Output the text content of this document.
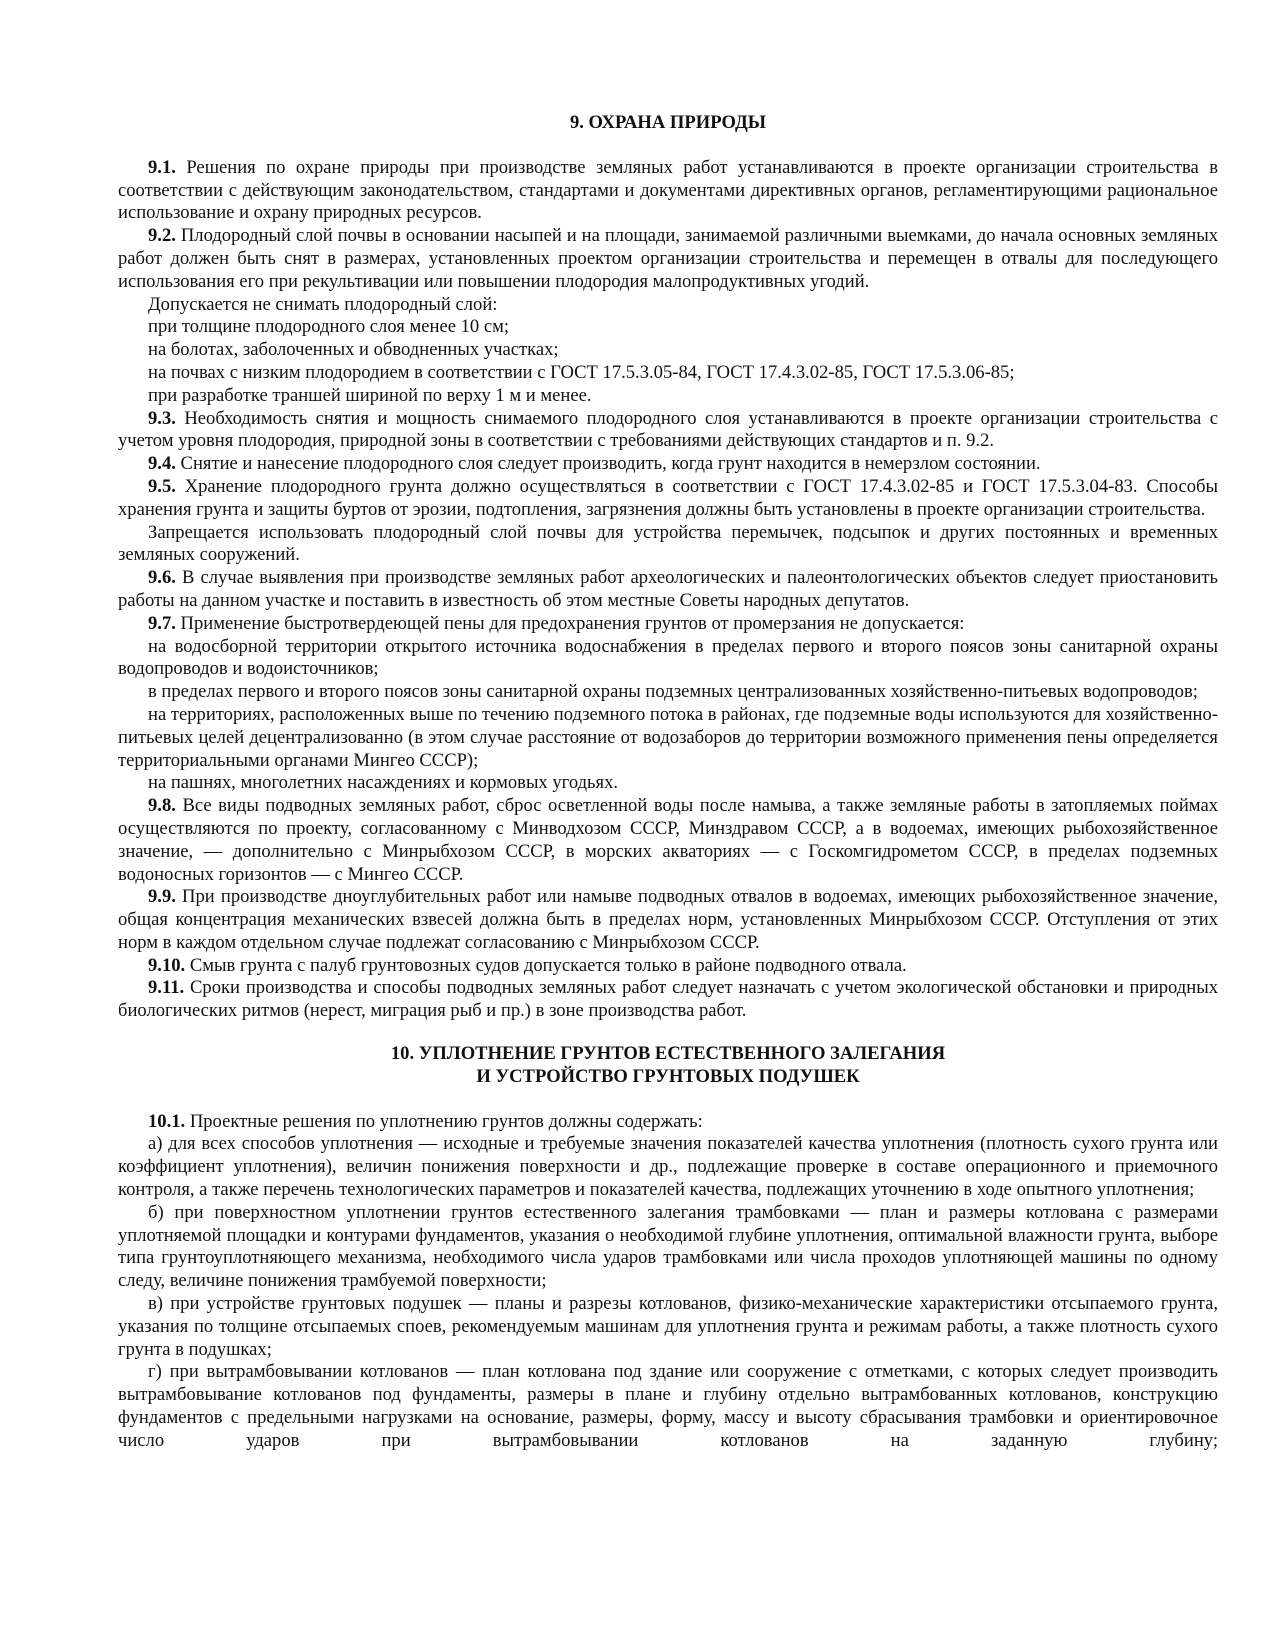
9. ОХРАНА ПРИРОДЫ

9.1. Решения по охране природы при производстве земляных работ устанавливаются в проекте организации строительства в соответствии с действующим законодательством, стандартами и документами директивных органов, регламентирующими рациональное использование и охрану природных ресурсов.

9.2. Плодородный слой почвы в основании насыпей и на площади, занимаемой различными выемками, до начала основных земляных работ должен быть снят в размерах, установленных проектом организации строительства и перемещен в отвалы для последующего использования его при рекультивации или повышении плодородия малопродуктивных угодий.

Допускается не снимать плодородный слой:

при толщине плодородного слоя менее 10 см;

на болотах, заболоченных и обводненных участках;

на почвах с низким плодородием в соответствии с ГОСТ 17.5.3.05-84, ГОСТ 17.4.3.02-85, ГОСТ 17.5.3.06-85;

при разработке траншей шириной по верху 1 м и менее.

9.3. Необходимость снятия и мощность снимаемого плодородного слоя устанавливаются в проекте организации строительства с учетом уровня плодородия, природной зоны в соответствии с требованиями действующих стандартов и п. 9.2.

9.4. Снятие и нанесение плодородного слоя следует производить, когда грунт находится в немерзлом состоянии.

9.5. Хранение плодородного грунта должно осуществляться в соответствии с ГОСТ 17.4.3.02-85 и ГОСТ 17.5.3.04-83. Способы хранения грунта и защиты буртов от эрозии, подтопления, загрязнения должны быть установлены в проекте организации строительства.

Запрещается использовать плодородный слой почвы для устройства перемычек, подсыпок и других постоянных и временных земляных сооружений.

9.6. В случае выявления при производстве земляных работ археологических и палеонтологических объектов следует приостановить работы на данном участке и поставить в известность об этом местные Советы народных депутатов.

9.7. Применение быстротвердеющей пены для предохранения грунтов от промерзания не допускается:

на водосборной территории открытого источника водоснабжения в пределах первого и второго поясов зоны санитарной охраны водопроводов и водоисточников;

в пределах первого и второго поясов зоны санитарной охраны подземных централизованных хозяйственно-питьевых водопроводов;

на территориях, расположенных выше по течению подземного потока в районах, где подземные воды используются для хозяйственно-питьевых целей децентрализованно (в этом случае расстояние от водозаборов до территории возможного применения пены определяется территориальными органами Мингео СССР);

на пашнях, многолетних насаждениях и кормовых угодьях.

9.8. Все виды подводных земляных работ, сброс осветленной воды после намыва, а также земляные работы в затопляемых поймах осуществляются по проекту, согласованному с Минводхозом СССР, Минздравом СССР, а в водоемах, имеющих рыбохозяйственное значение, — дополнительно с Минрыбхозом СССР, в морских акваториях — с Госкомгидрометом СССР, в пределах подземных водоносных горизонтов — с Мингео СССР.

9.9. При производстве дноуглубительных работ или намыве подводных отвалов в водоемах, имеющих рыбохозяйственное значение, общая концентрация механических взвесей должна быть в пределах норм, установленных Минрыбхозом СССР. Отступления от этих норм в каждом отдельном случае подлежат согласованию с Минрыбхозом СССР.

9.10. Смыв грунта с палуб грунтовозных судов допускается только в районе подводного отвала.

9.11. Сроки производства и способы подводных земляных работ следует назначать с учетом экологической обстановки и природных биологических ритмов (нерест, миграция рыб и пр.) в зоне производства работ.

10. УПЛОТНЕНИЕ ГРУНТОВ ЕСТЕСТВЕННОГО ЗАЛЕГАНИЯ
И УСТРОЙСТВО ГРУНТОВЫХ ПОДУШЕК

10.1. Проектные решения по уплотнению грунтов должны содержать:

а) для всех способов уплотнения — исходные и требуемые значения показателей качества уплотнения (плотность сухого грунта или коэффициент уплотнения), величин понижения поверхности и др., подлежащие проверке в составе операционного и приемочного контроля, а также перечень технологических параметров и показателей качества, подлежащих уточнению в ходе опытного уплотнения;

б) при поверхностном уплотнении грунтов естественного залегания трамбовками — план и размеры котлована с размерами уплотняемой площадки и контурами фундаментов, указания о необходимой глубине уплотнения, оптимальной влажности грунта, выборе типа грунтоуплотняющего механизма, необходимого числа ударов трамбовками или числа проходов уплотняющей машины по одному следу, величине понижения трамбуемой поверхности;

в) при устройстве грунтовых подушек — планы и разрезы котлованов, физико-механические характеристики отсыпаемого грунта, указания по толщине отсыпаемых споев, рекомендуемым машинам для уплотнения грунта и режимам работы, а также плотность сухого грунта в подушках;

г) при вытрамбовывании котлованов — план котлована под здание или сооружение с отметками, с которых следует производить вытрамбовывание котлованов под фундаменты, размеры в плане и глубину отдельно вытрамбованных котлованов, конструкцию фундаментов с предельными нагрузками на основание, размеры, форму, массу и высоту сбрасывания трамбовки и ориентировочное число ударов при вытрамбовывании котлованов на заданную глубину;
